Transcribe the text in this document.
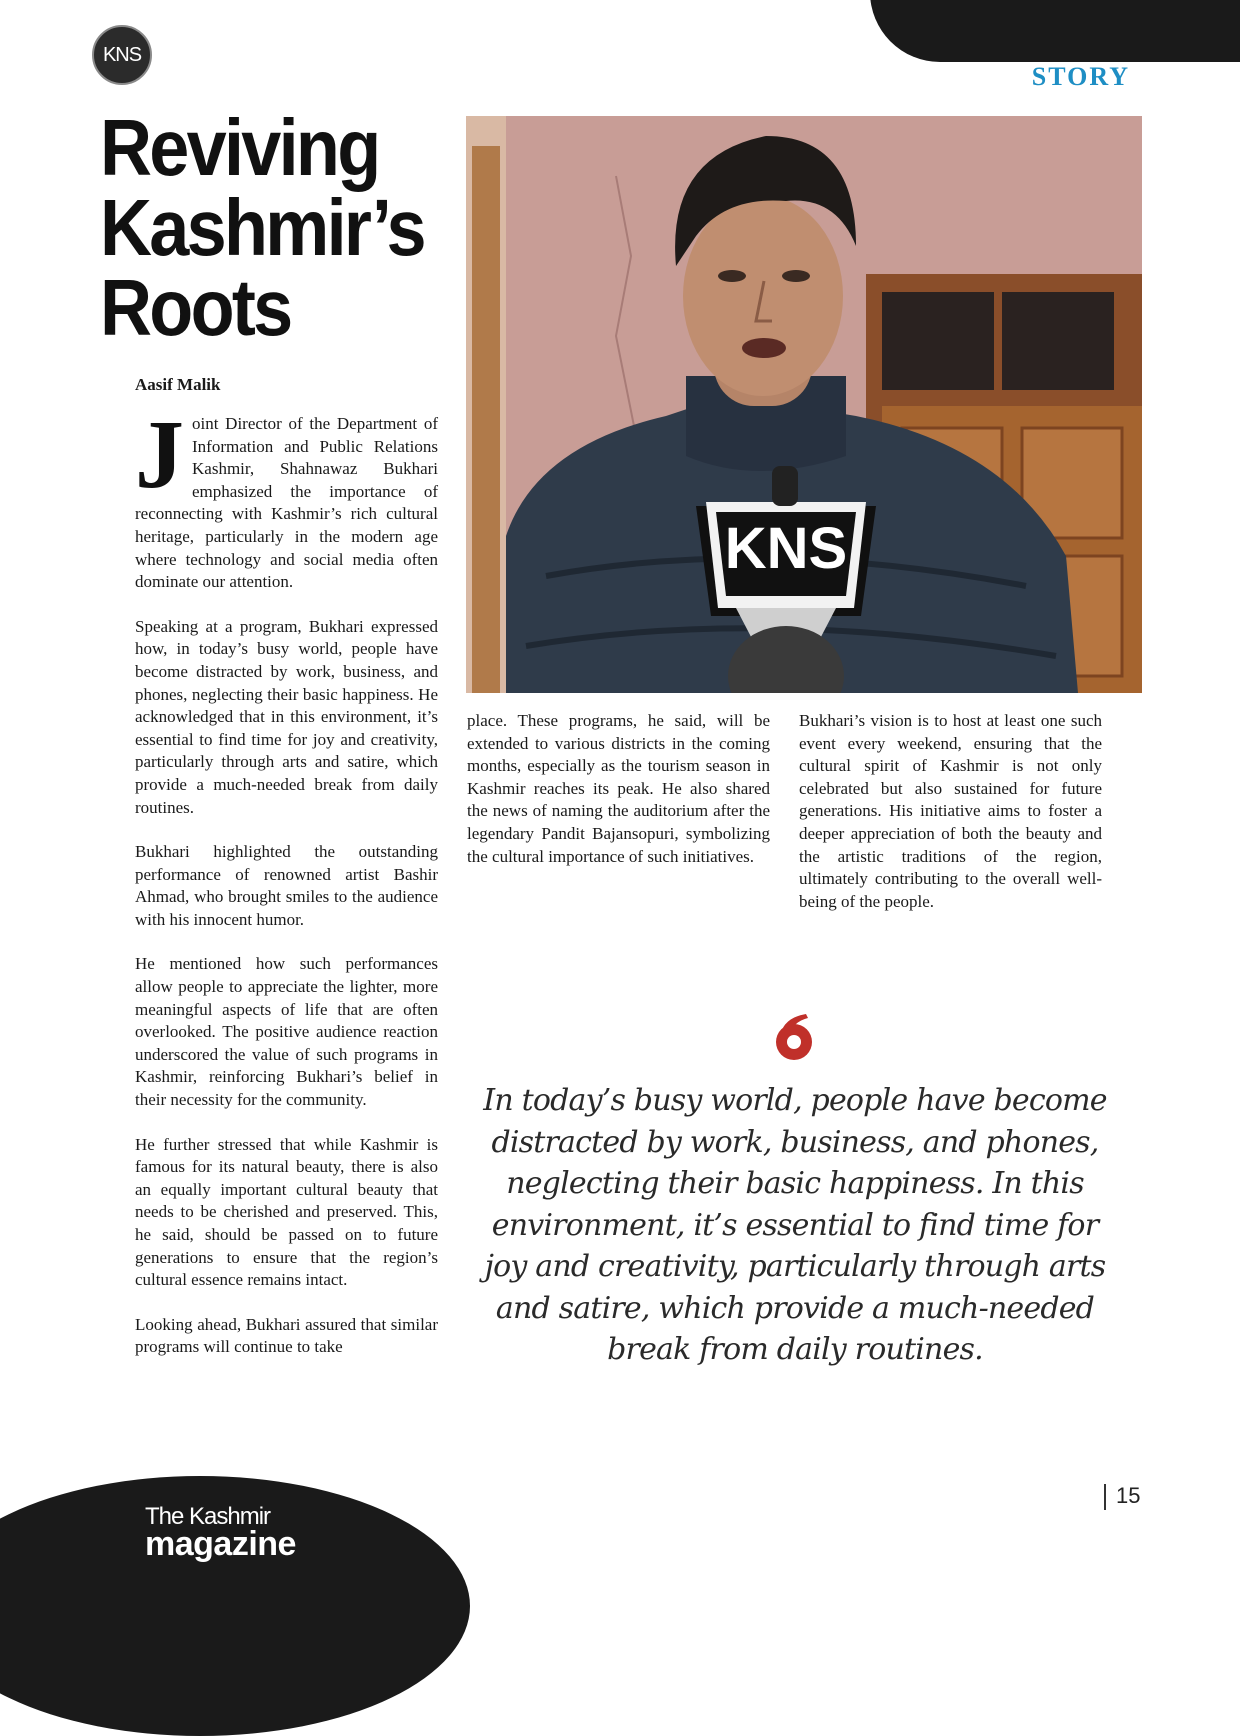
KNS
STORY
Reviving
Kashmir’s
Roots
Aasif Malik

Joint Director of the Department of Information and Public Relations Kashmir, Shahnawaz Bukhari emphasized the importance of reconnecting with Kashmir’s rich cultural heritage, particularly in the modern age where technology and social media often dominate our attention.

Speaking at a program, Bukhari expressed how, in today’s busy world, people have become distracted by work, business, and phones, neglecting their basic happiness. He acknowledged that in this environment, it’s essential to find time for joy and creativity, particularly through arts and satire, which provide a much-needed break from daily routines.

Bukhari highlighted the outstanding performance of renowned artist Bashir Ahmad, who brought smiles to the audience with his innocent humor.

He mentioned how such performances allow people to appreciate the lighter, more meaningful aspects of life that are often overlooked. The positive audience reaction underscored the value of such programs in Kashmir, reinforcing Bukhari’s belief in their necessity for the community.

He further stressed that while Kashmir is famous for its natural beauty, there is also an equally important cultural beauty that needs to be cherished and preserved. This, he said, should be passed on to future generations to ensure that the region’s cultural essence remains intact.

Looking ahead, Bukhari assured that similar programs will continue to take

KNS

place. These programs, he said, will be extended to various districts in the coming months, especially as the tourism season in Kashmir reaches its peak. He also shared the news of naming the auditorium after the legendary Pandit Bajansopuri, symbolizing the cultural importance of such initiatives.

Bukhari’s vision is to host at least one such event every weekend, ensuring that the cultural spirit of Kashmir is not only celebrated but also sustained for future generations. His initiative aims to foster a deeper appreciation of both the beauty and the artistic traditions of the region, ultimately contributing to the overall well-being of the people.

In today’s busy world, people have become distracted by work, business, and phones, neglecting their basic happiness. In this environment, it’s essential to find time for joy and creativity, particularly through arts and satire, which provide a much-needed break from daily routines.

The Kashmir
magazine
15
